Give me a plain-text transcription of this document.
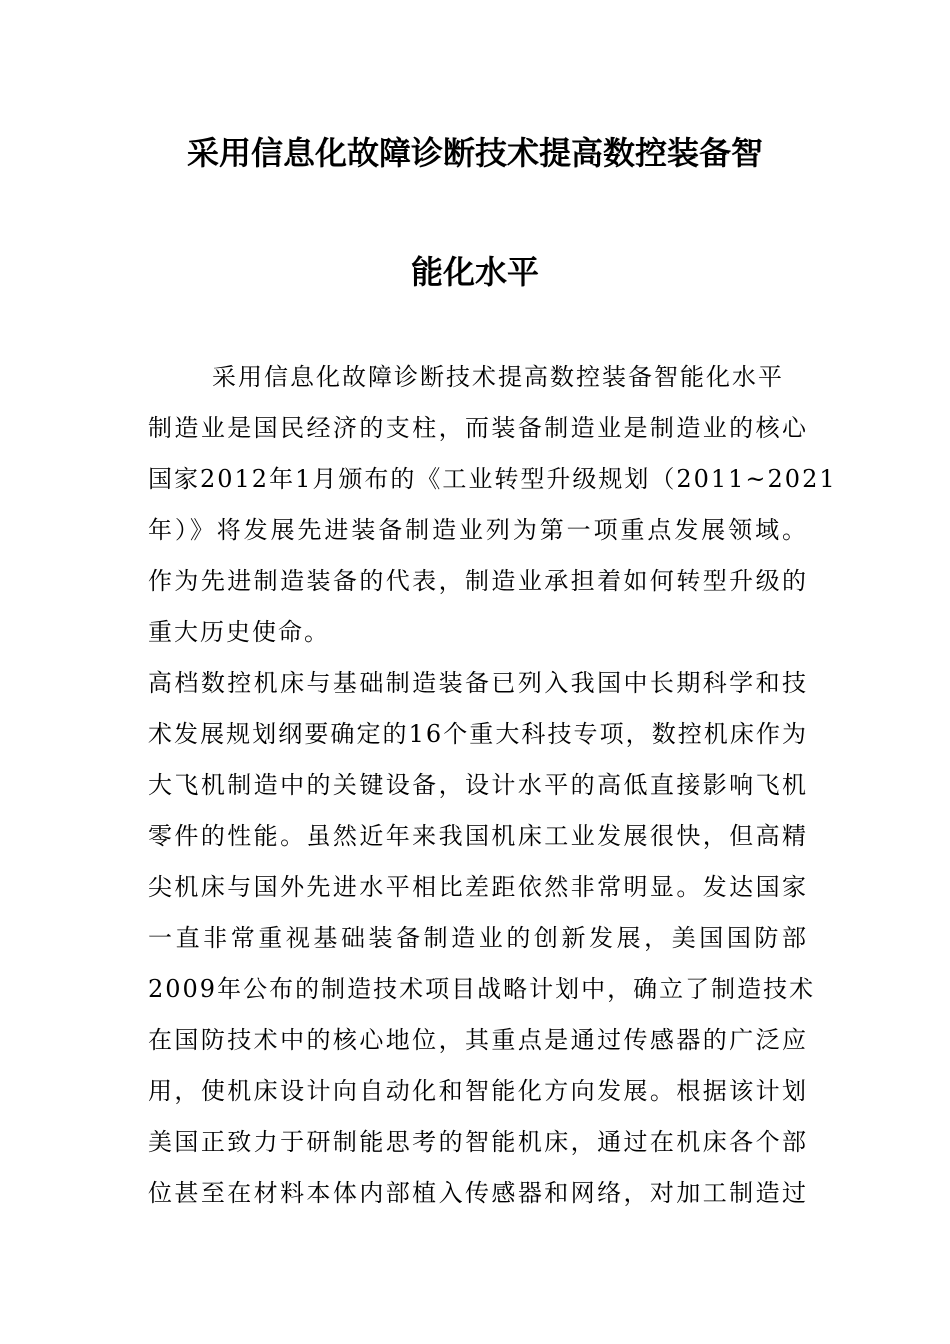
采用信息化故障诊断技术提高数控装备智
能化水平
采用信息化故障诊断技术提高数控装备智能化水平
制造业是国民经济的支柱，而装备制造业是制造业的核心
国家2012年1月颁布的《工业转型升级规划（2011~2021
年）》将发展先进装备制造业列为第一项重点发展领域。
作为先进制造装备的代表，制造业承担着如何转型升级的
重大历史使命。
高档数控机床与基础制造装备已列入我国中长期科学和技
术发展规划纲要确定的16个重大科技专项，数控机床作为
大飞机制造中的关键设备，设计水平的高低直接影响飞机
零件的性能。虽然近年来我国机床工业发展很快，但高精
尖机床与国外先进水平相比差距依然非常明显。发达国家
一直非常重视基础装备制造业的创新发展，美国国防部
2009年公布的制造技术项目战略计划中，确立了制造技术
在国防技术中的核心地位，其重点是通过传感器的广泛应
用，使机床设计向自动化和智能化方向发展。根据该计划
美国正致力于研制能思考的智能机床，通过在机床各个部
位甚至在材料本体内部植入传感器和网络，对加工制造过
